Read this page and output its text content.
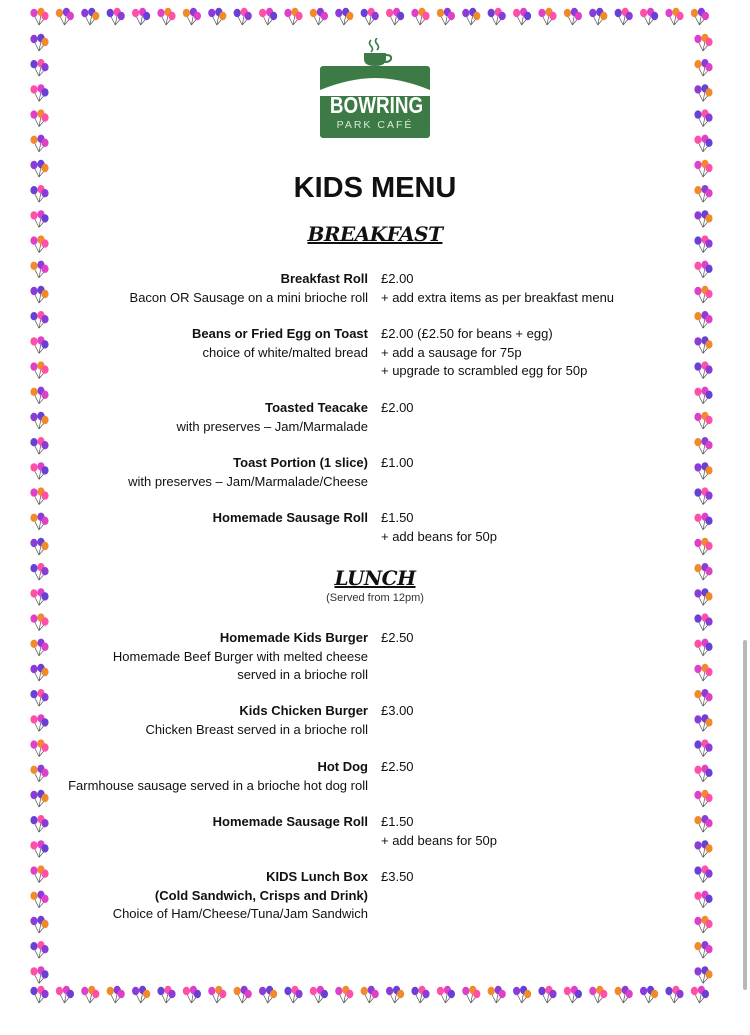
BOWRING
PARK CAFÉ
KIDS MENU
BREAKFAST
Breakfast Roll
Bacon OR Sausage on a mini brioche roll
£2.00
+ add extra items as per breakfast menu
Beans or Fried Egg on Toast
choice of white/malted bread
£2.00 (£2.50 for beans + egg)
+ add a sausage for 75p
+ upgrade to scrambled egg for 50p
Toasted Teacake
with preserves – Jam/Marmalade
£2.00
Toast Portion (1 slice)
with preserves – Jam/Marmalade/Cheese
£1.00
Homemade Sausage Roll £1.50
+ add beans for 50p
LUNCH
(Served from 12pm)
Homemade Kids Burger
Homemade Beef Burger with melted cheese
served in a brioche roll
£2.50
Kids Chicken Burger
Chicken Breast served in a brioche roll
£3.00
Hot Dog
Farmhouse sausage served in a brioche hot dog roll
£2.50
Homemade Sausage Roll £1.50
+ add beans for 50p
KIDS Lunch Box
(Cold Sandwich, Crisps and Drink)
Choice of Ham/Cheese/Tuna/Jam Sandwich
£3.50
